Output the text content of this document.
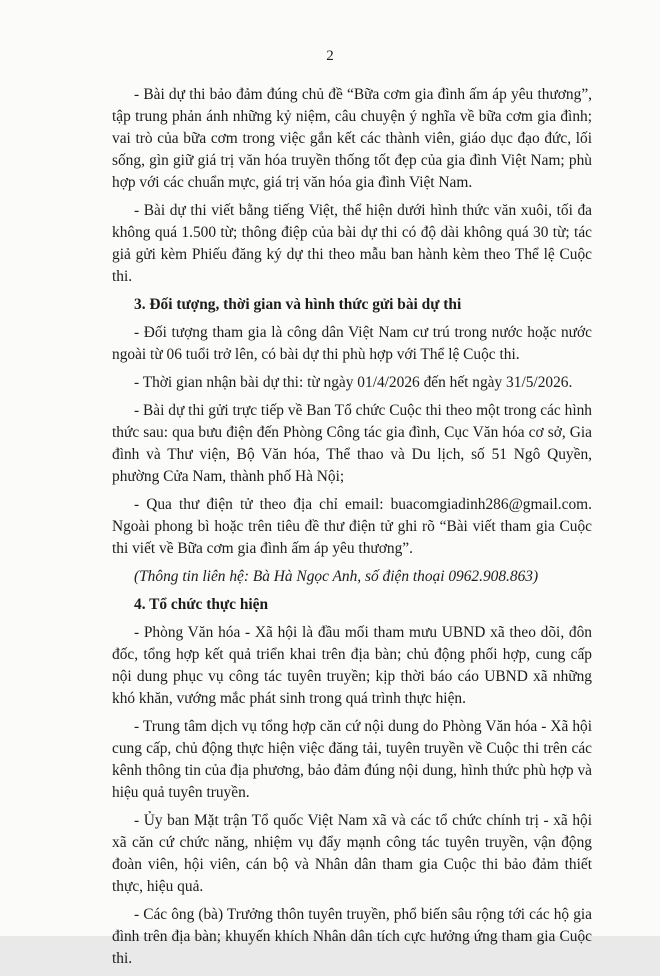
2

- Bài dự thi bảo đảm đúng chủ đề “Bữa cơm gia đình ấm áp yêu thương”, tập trung phản ánh những kỷ niệm, câu chuyện ý nghĩa về bữa cơm gia đình; vai trò của bữa cơm trong việc gắn kết các thành viên, giáo dục đạo đức, lối sống, gìn giữ giá trị văn hóa truyền thống tốt đẹp của gia đình Việt Nam; phù hợp với các chuẩn mực, giá trị văn hóa gia đình Việt Nam.

- Bài dự thi viết bằng tiếng Việt, thể hiện dưới hình thức văn xuôi, tối đa không quá 1.500 từ; thông điệp của bài dự thi có độ dài không quá 30 từ; tác giả gửi kèm Phiếu đăng ký dự thi theo mẫu ban hành kèm theo Thể lệ Cuộc thi.

3. Đối tượng, thời gian và hình thức gửi bài dự thi

- Đối tượng tham gia là công dân Việt Nam cư trú trong nước hoặc nước ngoài từ 06 tuổi trở lên, có bài dự thi phù hợp với Thể lệ Cuộc thi.

- Thời gian nhận bài dự thi: từ ngày 01/4/2026 đến hết ngày 31/5/2026.

- Bài dự thi gửi trực tiếp về Ban Tổ chức Cuộc thi theo một trong các hình thức sau: qua bưu điện đến Phòng Công tác gia đình, Cục Văn hóa cơ sở, Gia đình và Thư viện, Bộ Văn hóa, Thể thao và Du lịch, số 51 Ngô Quyền, phường Cửa Nam, thành phố Hà Nội;

- Qua thư điện tử theo địa chỉ email: buacomgiadinh286@gmail.com. Ngoài phong bì hoặc trên tiêu đề thư điện tử ghi rõ “Bài viết tham gia Cuộc thi viết về Bữa cơm gia đình ấm áp yêu thương”.

(Thông tin liên hệ: Bà Hà Ngọc Anh, số điện thoại 0962.908.863)

4. Tổ chức thực hiện

- Phòng Văn hóa - Xã hội là đầu mối tham mưu UBND xã theo dõi, đôn đốc, tổng hợp kết quả triển khai trên địa bàn; chủ động phối hợp, cung cấp nội dung phục vụ công tác tuyên truyền; kịp thời báo cáo UBND xã những khó khăn, vướng mắc phát sinh trong quá trình thực hiện.

- Trung tâm dịch vụ tổng hợp căn cứ nội dung do Phòng Văn hóa - Xã hội cung cấp, chủ động thực hiện việc đăng tải, tuyên truyền về Cuộc thi trên các kênh thông tin của địa phương, bảo đảm đúng nội dung, hình thức phù hợp và hiệu quả tuyên truyền.

- Ủy ban Mặt trận Tổ quốc Việt Nam xã và các tổ chức chính trị - xã hội xã căn cứ chức năng, nhiệm vụ đẩy mạnh công tác tuyên truyền, vận động đoàn viên, hội viên, cán bộ và Nhân dân tham gia Cuộc thi bảo đảm thiết thực, hiệu quả.

- Các ông (bà) Trưởng thôn tuyên truyền, phổ biến sâu rộng tới các hộ gia đình trên địa bàn; khuyến khích Nhân dân tích cực hưởng ứng tham gia Cuộc thi.
